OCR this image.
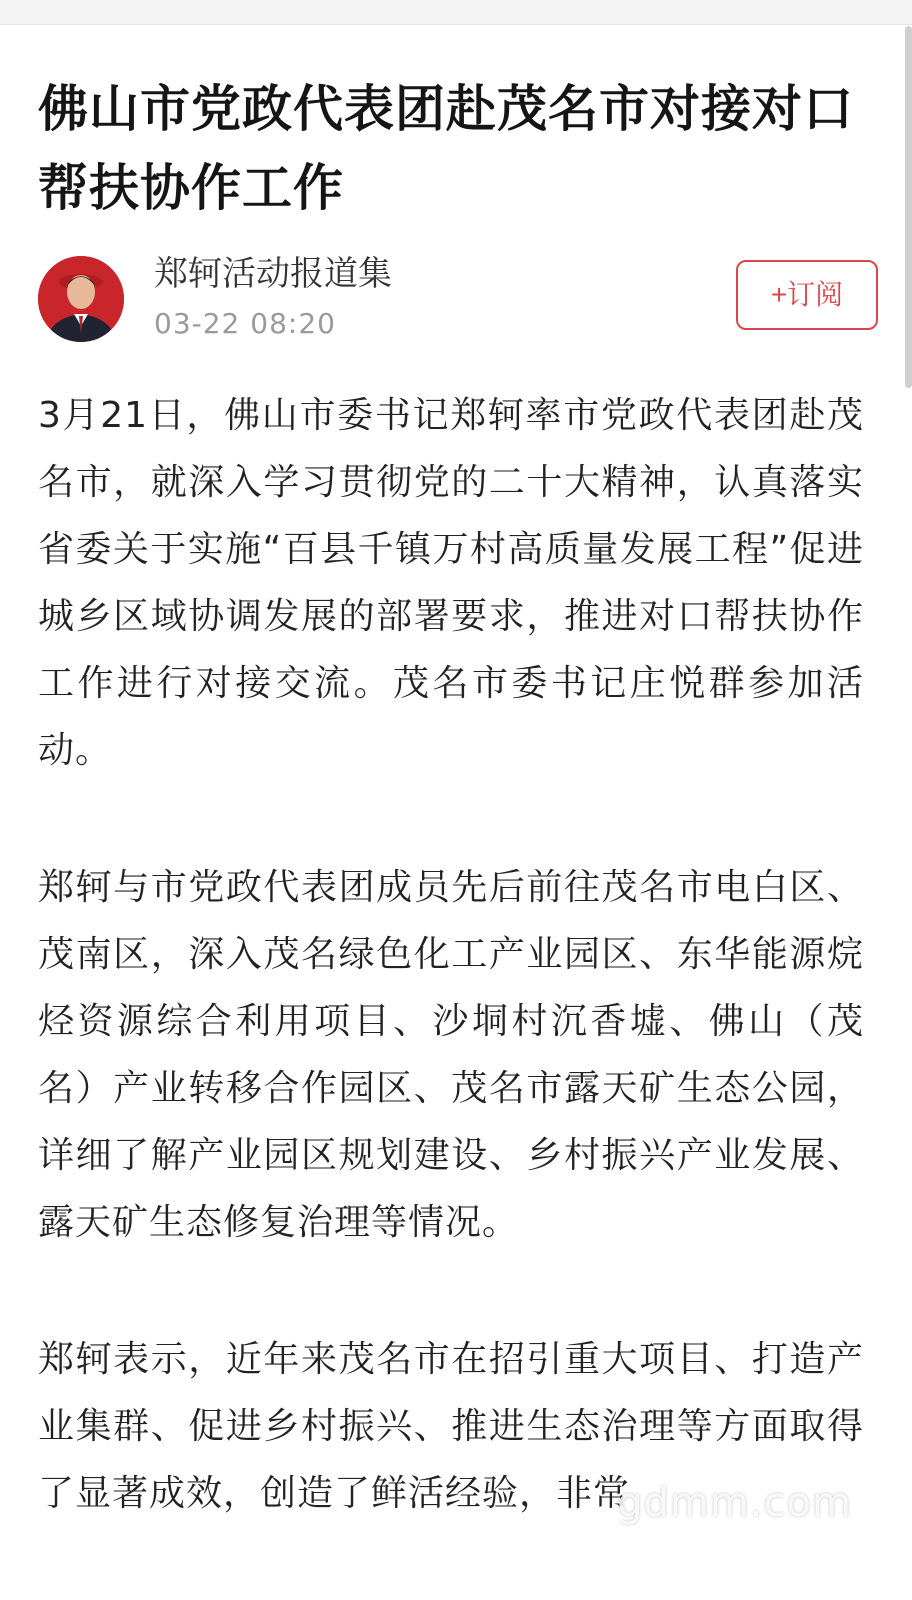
佛山市党政代表团赴茂名市对接对口帮扶协作工作
郑轲活动报道集
03-22 08:20
+订阅

3月21日，佛山市委书记郑轲率市党政代表团赴茂名市，就深入学习贯彻党的二十大精神，认真落实省委关于实施“百县千镇万村高质量发展工程”促进城乡区域协调发展的部署要求，推进对口帮扶协作工作进行对接交流。茂名市委书记庄悦群参加活动。

郑轲与市党政代表团成员先后前往茂名市电白区、茂南区，深入茂名绿色化工产业园区、东华能源烷烃资源综合利用项目、沙垌村沉香墟、佛山（茂名）产业转移合作园区、茂名市露天矿生态公园，详细了解产业园区规划建设、乡村振兴产业发展、露天矿生态修复治理等情况。

郑轲表示，近年来茂名市在招引重大项目、打造产业集群、促进乡村振兴、推进生态治理等方面取得了显著成效，创造了鲜活经验，非常

gdmm.com
